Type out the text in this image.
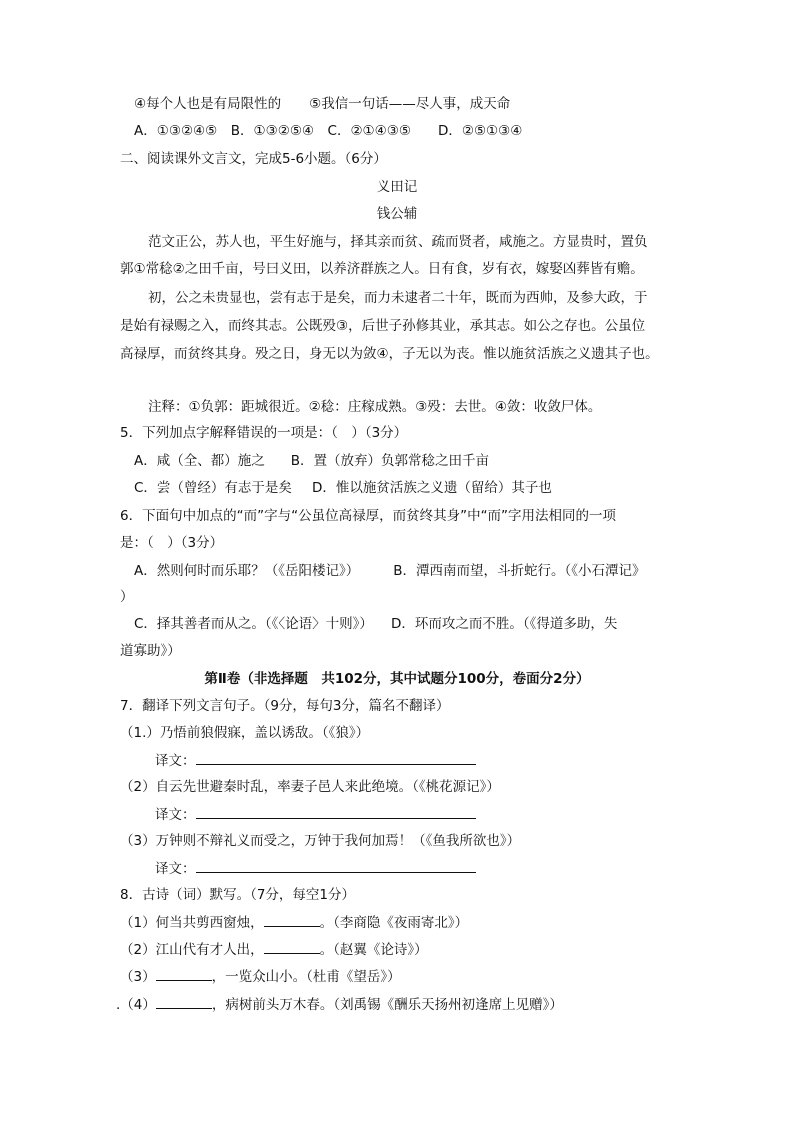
④每个人也是有局限性的 ⑤我信一句话——尽人事，成天命
A．①③②④⑤　B．①③②⑤④　C．②①④③⑤　　D．②⑤①③④
二、阅读课外文言文，完成5-6小题。（6分）
义田记
钱公辅
范文正公，苏人也，平生好施与，择其亲而贫、疏而贤者，咸施之。方显贵时，置负
郭①常稔②之田千亩，号曰义田，以养济群族之人。日有食，岁有衣，嫁娶凶葬皆有赡。
初，公之未贵显也，尝有志于是矣，而力未逮者二十年，既而为西帅，及参大政，于
是始有禄赐之入，而终其志。公既殁③，后世子孙修其业，承其志。如公之存也。公虽位
高禄厚，而贫终其身。殁之日，身无以为敛④，子无以为丧。惟以施贫活族之义遗其子也。
注释：①负郭：距城很近。②稔：庄稼成熟。③殁：去世。④敛：收敛尸体。
5．下列加点字解释错误的一项是：（　）（3分）
A．咸（全、都）施之 B．置（放弃）负郭常稔之田千亩
C．尝（曾经）有志于是矣 D．惟以施贫活族之义遗（留给）其子也
6．下面句中加点的“而”字与“公虽位高禄厚，而贫终其身”中“而”字用法相同的一项
是：（　）（3分）
A．然则何时而乐耶？（《岳阳楼记》）	B．潭西南而望，斗折蛇行。（《小石潭记》
）
C．择其善者而从之。（《〈论语〉十则》） D．环而攻之而不胜。（《得道多助，失
道寡助》）
第Ⅱ卷（非选择题　共102分，其中试题分100分，卷面分2分）
7．翻译下列文言句子。（9分，每句3分，篇名不翻译）
（1.）乃悟前狼假寐，盖以诱敌。（《狼》）
译文：
（2）自云先世避秦时乱，率妻子邑人来此绝境。（《桃花源记》）
译文：
（3）万钟则不辩礼义而受之，万钟于我何加焉！（《鱼我所欲也》）
译文：
8．古诗（词）默写。（7分，每空1分）
（1）何当共剪西窗烛，	。（李商隐《夜雨寄北》）
（2）江山代有才人出，	。（赵翼《论诗》）
（3）	，一览众山小。（杜甫《望岳》）
.（4）	，病树前头万木春。（刘禹锡《酬乐天扬州初逢席上见赠》）
